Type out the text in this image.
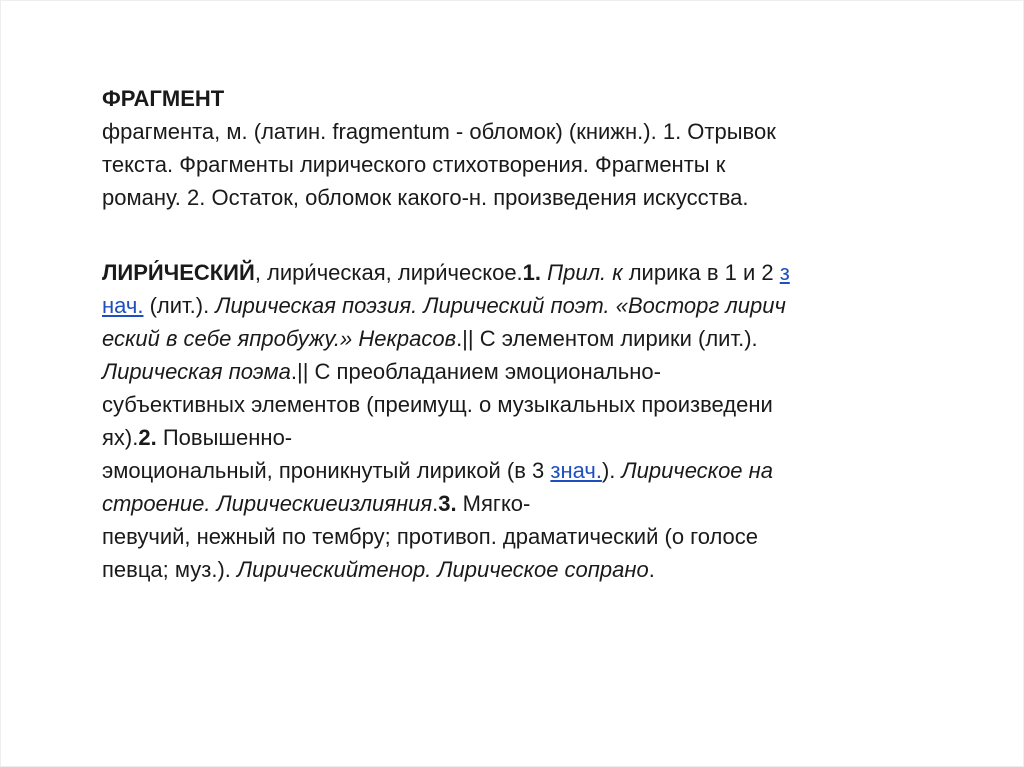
ФРАГМЕНТ
фрагмента, м. (латин. fragmentum - обломок) (книжн.). 1. Отрывок
текста. Фрагменты лирического стихотворения. Фрагменты к
роману. 2. Остаток, обломок какого-н. произведения искусства.
ЛИРИ́ЧЕСКИЙ, лири́ческая, лири́ческое.1. Прил. к лирика в 1 и 2 з
нач. (лит.). Лирическая поэзия. Лирический поэт. «Восторг лирич
еский в себе япробужу.» Некрасов.|| С элементом лирики (лит.).
Лирическая поэма.|| С преобладанием эмоционально-
субъективных элементов (преимущ. о музыкальных произведени
ях).2. Повышенно-
эмоциональный, проникнутый лирикой (в 3 знач.). Лирическое на
строение. Лирическиеизлияния.3. Мягко-
певучий, нежный по тембру; противоп. драматический (о голосе
певца; муз.). Лирическийтенор. Лирическое сопрано.
